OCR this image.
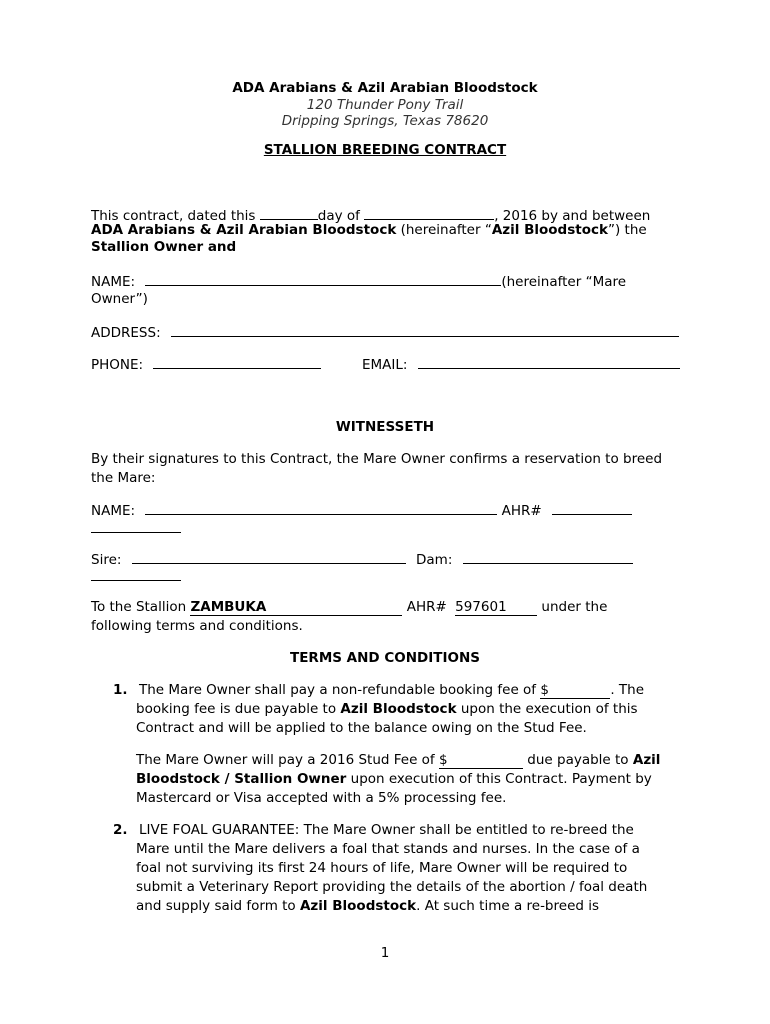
ADA Arabians & Azil Arabian Bloodstock
120 Thunder Pony Trail
Dripping Springs, Texas 78620
STALLION BREEDING CONTRACT
This contract, dated this	day of	, 2016 by and between
ADA Arabians & Azil Arabian Bloodstock (hereinafter “Azil Bloodstock”) the
Stallion Owner and
NAME:	(hereinafter “Mare
Owner”)
ADDRESS:
PHONE:	EMAIL:
WITNESSETH
By their signatures to this Contract, the Mare Owner confirms a reservation to breed
the Mare:
NAME:	AHR#
Sire:	Dam:
To the Stallion ZAMBUKA	AHR# 597601 under the
following terms and conditions.
TERMS AND CONDITIONS
1. The Mare Owner shall pay a non-refundable booking fee of $	. The
booking fee is due payable to Azil Bloodstock upon the execution of this
Contract and will be applied to the balance owing on the Stud Fee.
The Mare Owner will pay a 2016 Stud Fee of $	due payable to Azil
Bloodstock / Stallion Owner upon execution of this Contract. Payment by
Mastercard or Visa accepted with a 5% processing fee.
2. LIVE FOAL GUARANTEE: The Mare Owner shall be entitled to re-breed the
Mare until the Mare delivers a foal that stands and nurses. In the case of a
foal not surviving its first 24 hours of life, Mare Owner will be required to
submit a Veterinary Report providing the details of the abortion / foal death
and supply said form to Azil Bloodstock. At such time a re-breed is
1
